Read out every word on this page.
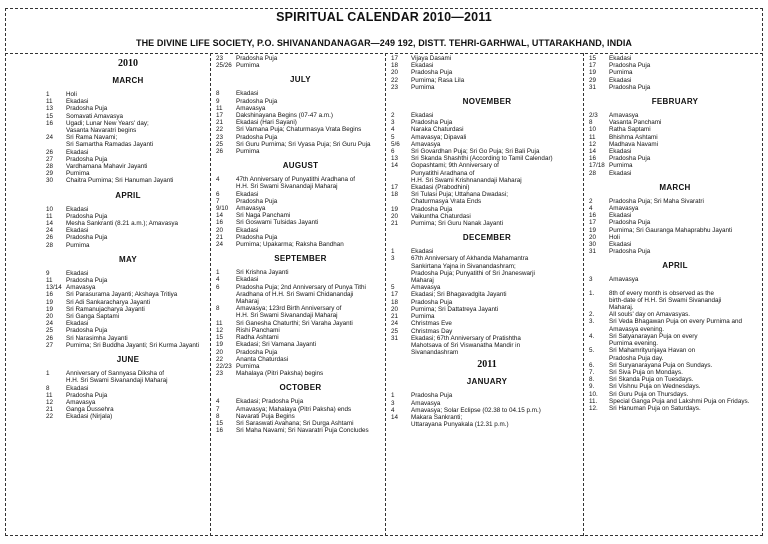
SPIRITUAL CALENDAR 2010—2011
THE DIVINE LIFE SOCIETY, P.O. SHIVANANDANAGAR—249 192, DISTT. TEHRI-GARHWAL, UTTARAKHAND, INDIA
2010
MARCH
1	Holi
11	Ekadasi
13	Pradosha Puja
15	Somavati Amavasya
16	Ugadi; Lunar New Years' day;
Vasanta Navaratri begins
24	Sri Rama Navami;
Sri Samartha Ramadas Jayanti
26	Ekadasi
27	Pradosha Puja
28	Vardhamana Mahavir Jayanti
29	Purnima
30	Chaitra Purnima; Sri Hanuman Jayanti
APRIL
10	Ekadasi
11	Pradosha Puja
14	Mesha Sankranti (8.21 a.m.); Amavasya
24	Ekadasi
26	Pradosha Puja
28	Purnima
MAY
9	Ekadasi
11	Pradosha Puja
13/14 Amavasya
16	Sri Parasurama Jayanti; Akshaya Tritiya
19	Sri Adi Sankaracharya Jayanti
19	Sri Ramanujacharya Jayanti
20	Sri Ganga Saptami
24	Ekadasi
25	Pradosha Puja
26	Sri Narasimha Jayanti
27	Purnima; Sri Buddha Jayanti; Sri Kurma Jayanti
JUNE
1	Anniversary of Sannyasa Diksha of
H.H. Sri Swami Sivanandaji Maharaj
8	Ekadasi
11	Pradosha Puja
12	Amavasya
21	Ganga Dussehra
22	Ekadasi (Nirjala)
23	Pradosha Puja
25/26 Purnima
JULY
8	Ekadasi
9	Pradosha Puja
11	Amavasya
17	Dakshinayana Begins (07-47 a.m.)
21	Ekadasi (Hari Sayani)
22	Sri Vamana Puja; Chaturmasya Vrata Begins
23	Pradosha Puja
25	Sri Guru Purnima; Sri Vyasa Puja; Sri Guru Puja
26	Purnima
AUGUST
4	47th Anniversary of Punyatithi Aradhana of
H.H. Sri Swami Sivanandaji Maharaj
6	Ekadasi
7	Pradosha Puja
9/10	Amavasya
14	Sri Naga Panchami
16	Sri Goswami Tulsidas Jayanti
20	Ekadasi
21	Pradosha Puja
24	Purnima; Upakarma; Raksha Bandhan
SEPTEMBER
1	Sri Krishna Jayanti
4	Ekadasi
6	Pradosha Puja; 2nd Anniversary of Punya Tithi
Aradhana of H.H. Sri Swami Chidanandaji
Maharaj
8	Amavasya; 123rd Birth Anniversary of
H.H. Sri Swami Sivanandaji Maharaj
11	Sri Ganesha Chaturthi; Sri Varaha Jayanti
12	Rishi Panchami
15	Radha Ashtami
19	Ekadasi; Sri Vamana Jayanti
20	Pradosha Puja
22	Ananta Chaturdasi
22/23 Purnima
23	Mahalaya (Pitri Paksha) begins
OCTOBER
4	Ekadasi; Pradosha Puja
7	Amavasya; Mahalaya (Pitri Paksha) ends
8	Navarati Puja Begins
15	Sri Saraswati Avahana; Sri Durga Ashtami
16	Sri Maha Navami; Sri Navaratri Puja Concludes
17	Vijaya Dasami
18	Ekadasi
20	Pradosha Puja
22	Purnima; Rasa Lila
23	Purnima
NOVEMBER
2	Ekadasi
3	Pradosha Puja
4	Naraka Chaturdasi
5	Amavasya; Dipavali
5/6	Amavasya
6	Sri Govardhan Puja; Sri Go Puja; Sri Bali Puja
13	Sri Skanda Shashthi (According to Tamil Calendar)
14	Gopashtami; 9th Anniversary of
Punyatithi Aradhana of
H.H. Sri Swami Krishnanandaji Maharaj
17	Ekadasi (Prabodhini)
18	Sri Tulasi Puja; Uttahana Dwadasi;
Chaturmasya Vrata Ends
19	Pradosha Puja
20	Vaikuntha Chaturdasi
21	Purnima; Sri Guru Nanak Jayanti
DECEMBER
1	Ekadasi
3	67th Anniversary of Akhanda Mahamantra
Sankirtana Yajna in Sivanandashram;
Pradosha Puja; Punyatithi of Sri Jnaneswarji
Maharaj
5	Amavasya
17	Ekadasi; Sri Bhagavadgita Jayanti
18	Pradosha Puja
20	Purnima; Sri Dattatreya Jayanti
21	Purnima
24	Christmas Eve
25	Christmas Day
31	Ekadasi; 67th Anniversary of Pratishtha
Mahotsava of Sri Viswanatha Mandir in
Sivanandashram
2011
JANUARY
1	Pradosha Puja
3	Amavasya
4	Amavasya; Solar Eclipse (02.38 to 04.15 p.m.)
14	Makara Sankranti;
Uttarayana Punyakala (12.31 p.m.)
15	Ekadasi
17	Pradosha Puja
19	Purnima
29	Ekadasi
31	Pradosha Puja
FEBRUARY
2/3	Amavasya
8	Vasanta Panchami
10	Ratha Saptami
11	Bhishma Ashtami
12	Madhava Navami
14	Ekadasi
16	Pradosha Puja
17/18 Purnima
28	Ekadasi
MARCH
2	Pradosha Puja; Sri Maha Sivaratri
4	Amavasya
16	Ekadasi
17	Pradosha Puja
19	Purnima; Sri Gauranga Mahaprabhu Jayanti
20	Holi
30	Ekadasi
31	Pradosha Puja
APRIL
3	Amavasya
1.	8th of every month is observed as the
birth-date of H.H. Sri Swami Sivanandaji
Maharaj.
2.	All souls' day on Amavasyas.
3.	Sri Veda Bhagawan Puja on every Purnima and
Amavasya evening.
4.	Sri Satyanarayan Puja on every
Purnima evening.
5.	Sri Mahamrityunjaya Havan on
Pradosha Puja day.
6.	Sri Suryanarayana Puja on Sundays.
7.	Sri Siva Puja on Mondays.
8.	Sri Skanda Puja on Tuesdays.
9.	Sri Vishnu Puja on Wednesdays.
10.	Sri Guru Puja on Thursdays.
11.	Special Ganga Puja and Lakshmi Puja on Fridays.
12.	Sri Hanuman Puja on Saturdays.
